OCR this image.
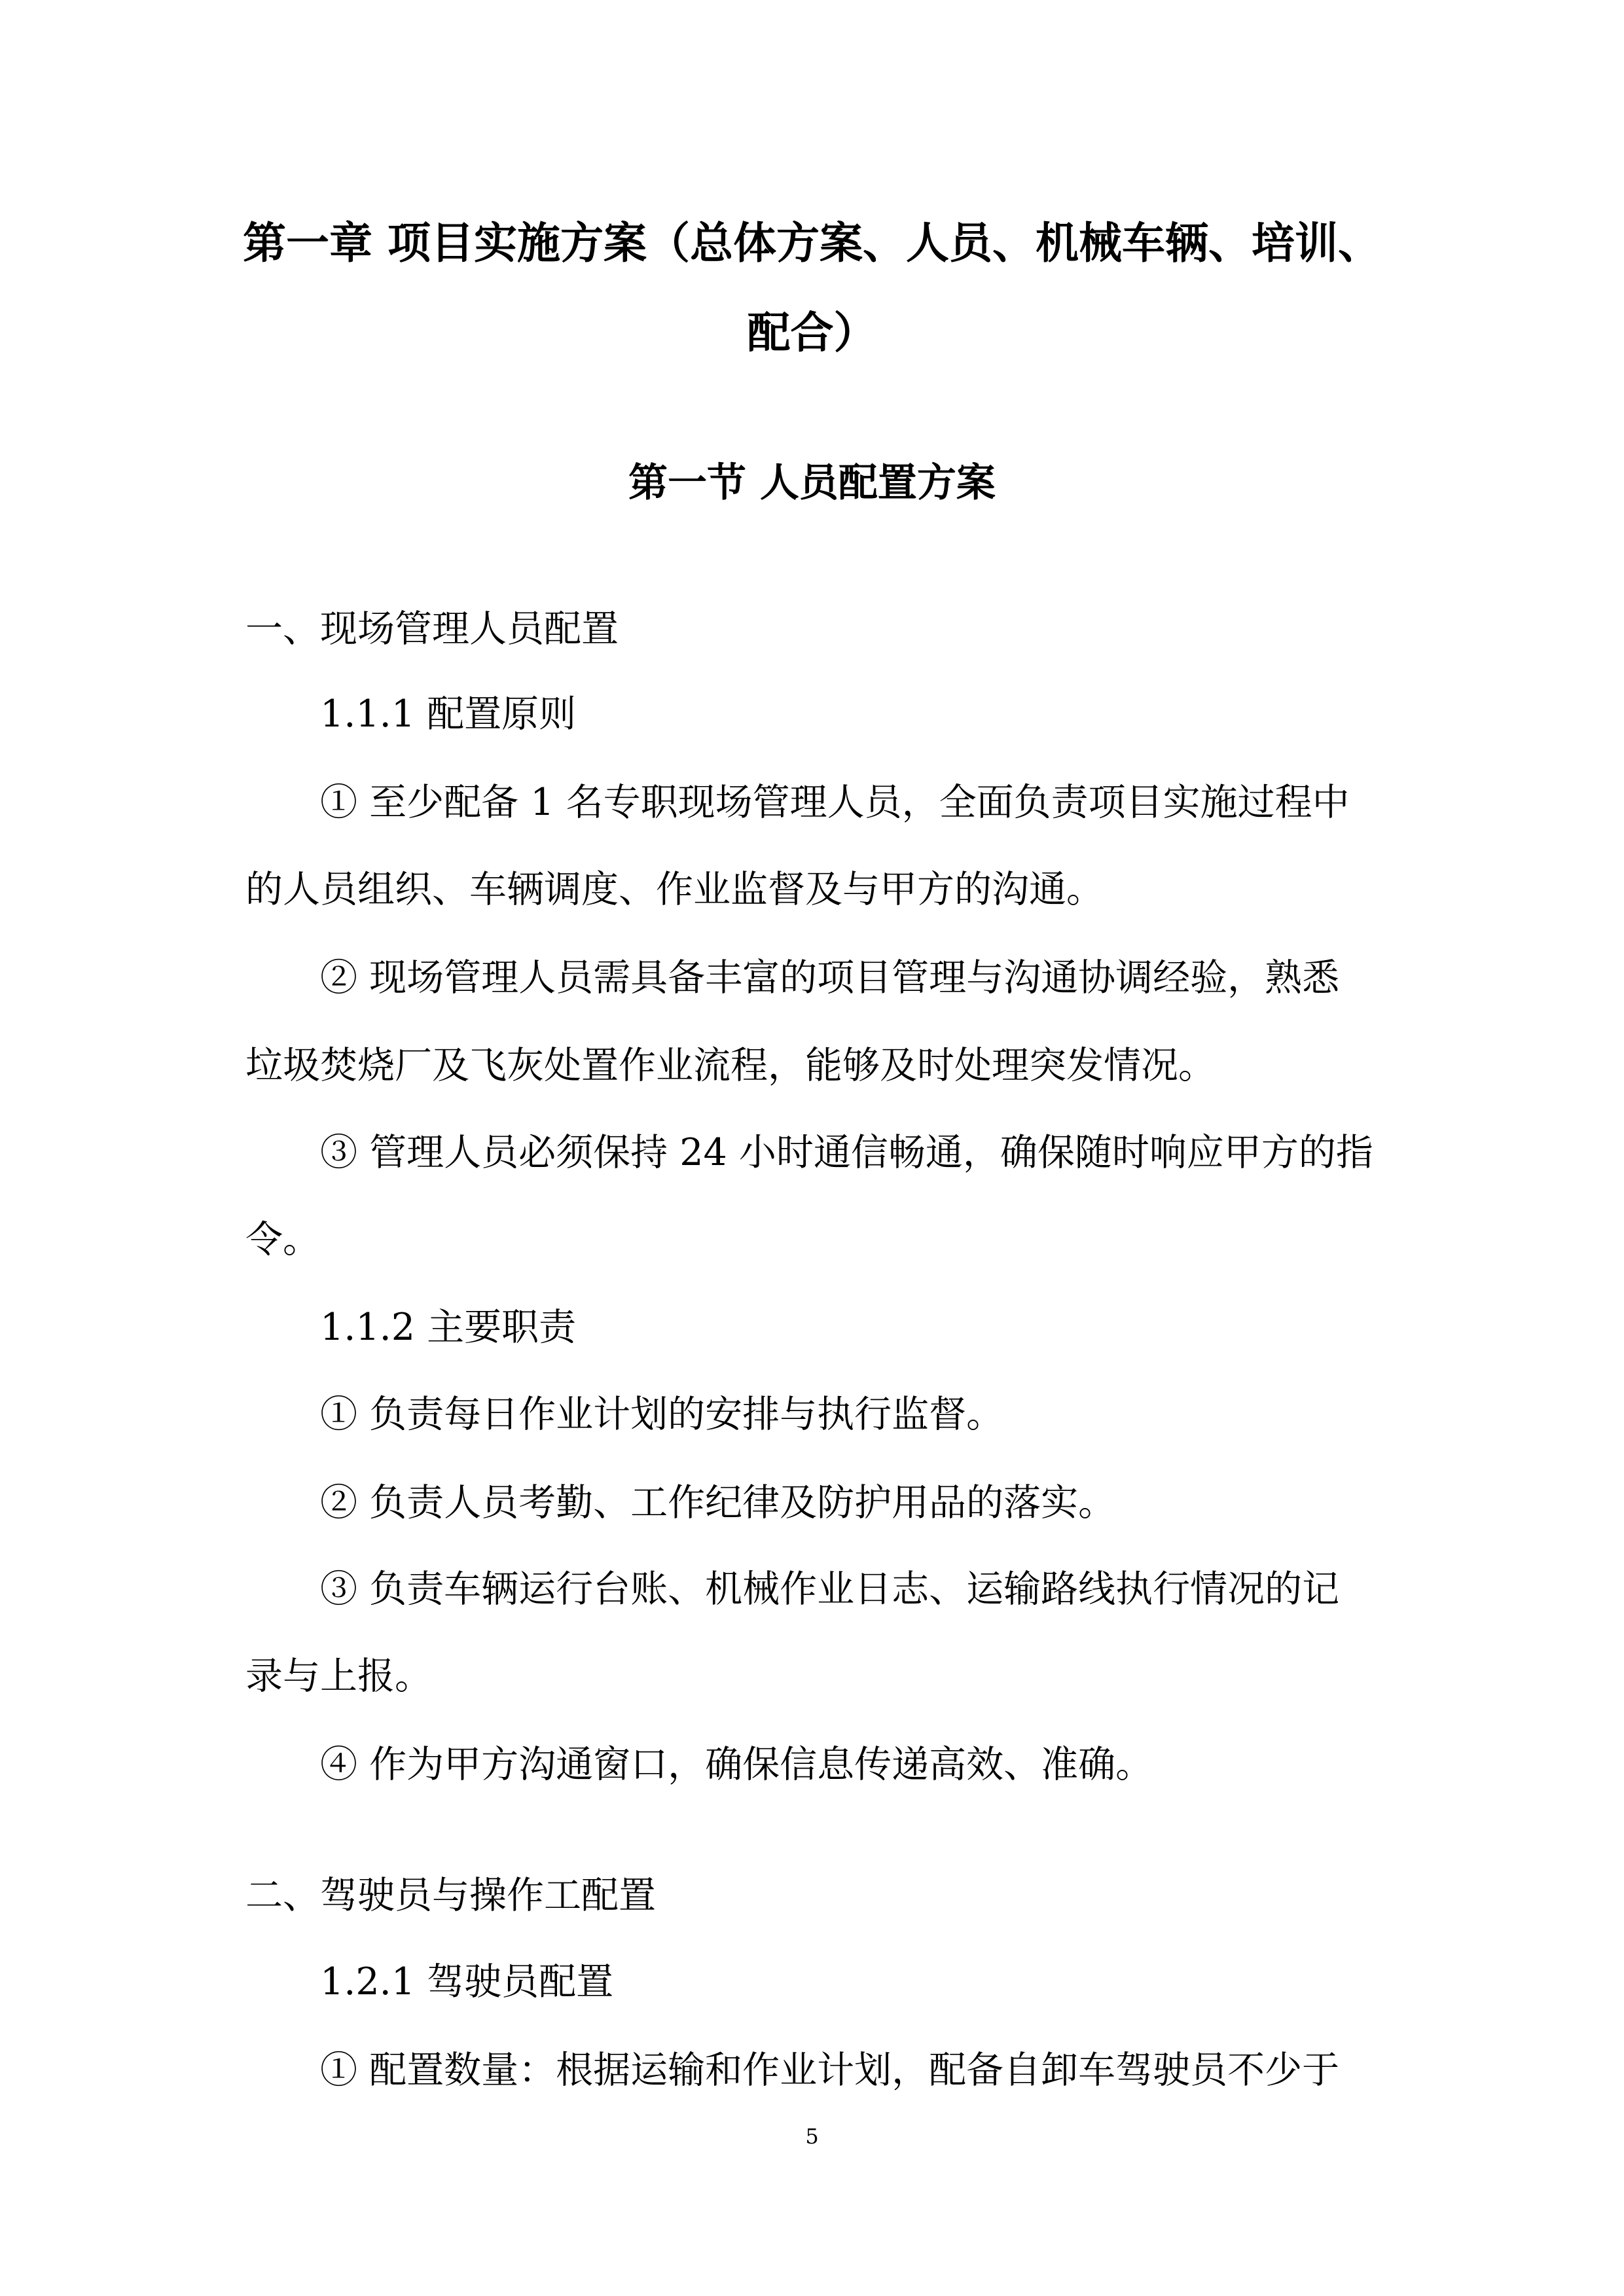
第一章 项目实施方案（总体方案、人员、机械车辆、培训、
配合）
第一节 人员配置方案
一、现场管理人员配置
1.1.1 配置原则
① 至少配备 1 名专职现场管理人员，全面负责项目实施过程中
的人员组织、车辆调度、作业监督及与甲方的沟通。
② 现场管理人员需具备丰富的项目管理与沟通协调经验，熟悉
垃圾焚烧厂及飞灰处置作业流程，能够及时处理突发情况。
③ 管理人员必须保持 24 小时通信畅通，确保随时响应甲方的指
令。
1.1.2 主要职责
① 负责每日作业计划的安排与执行监督。
② 负责人员考勤、工作纪律及防护用品的落实。
③ 负责车辆运行台账、机械作业日志、运输路线执行情况的记
录与上报。
④ 作为甲方沟通窗口，确保信息传递高效、准确。
二、驾驶员与操作工配置
1.2.1 驾驶员配置
① 配置数量：根据运输和作业计划，配备自卸车驾驶员不少于
5
